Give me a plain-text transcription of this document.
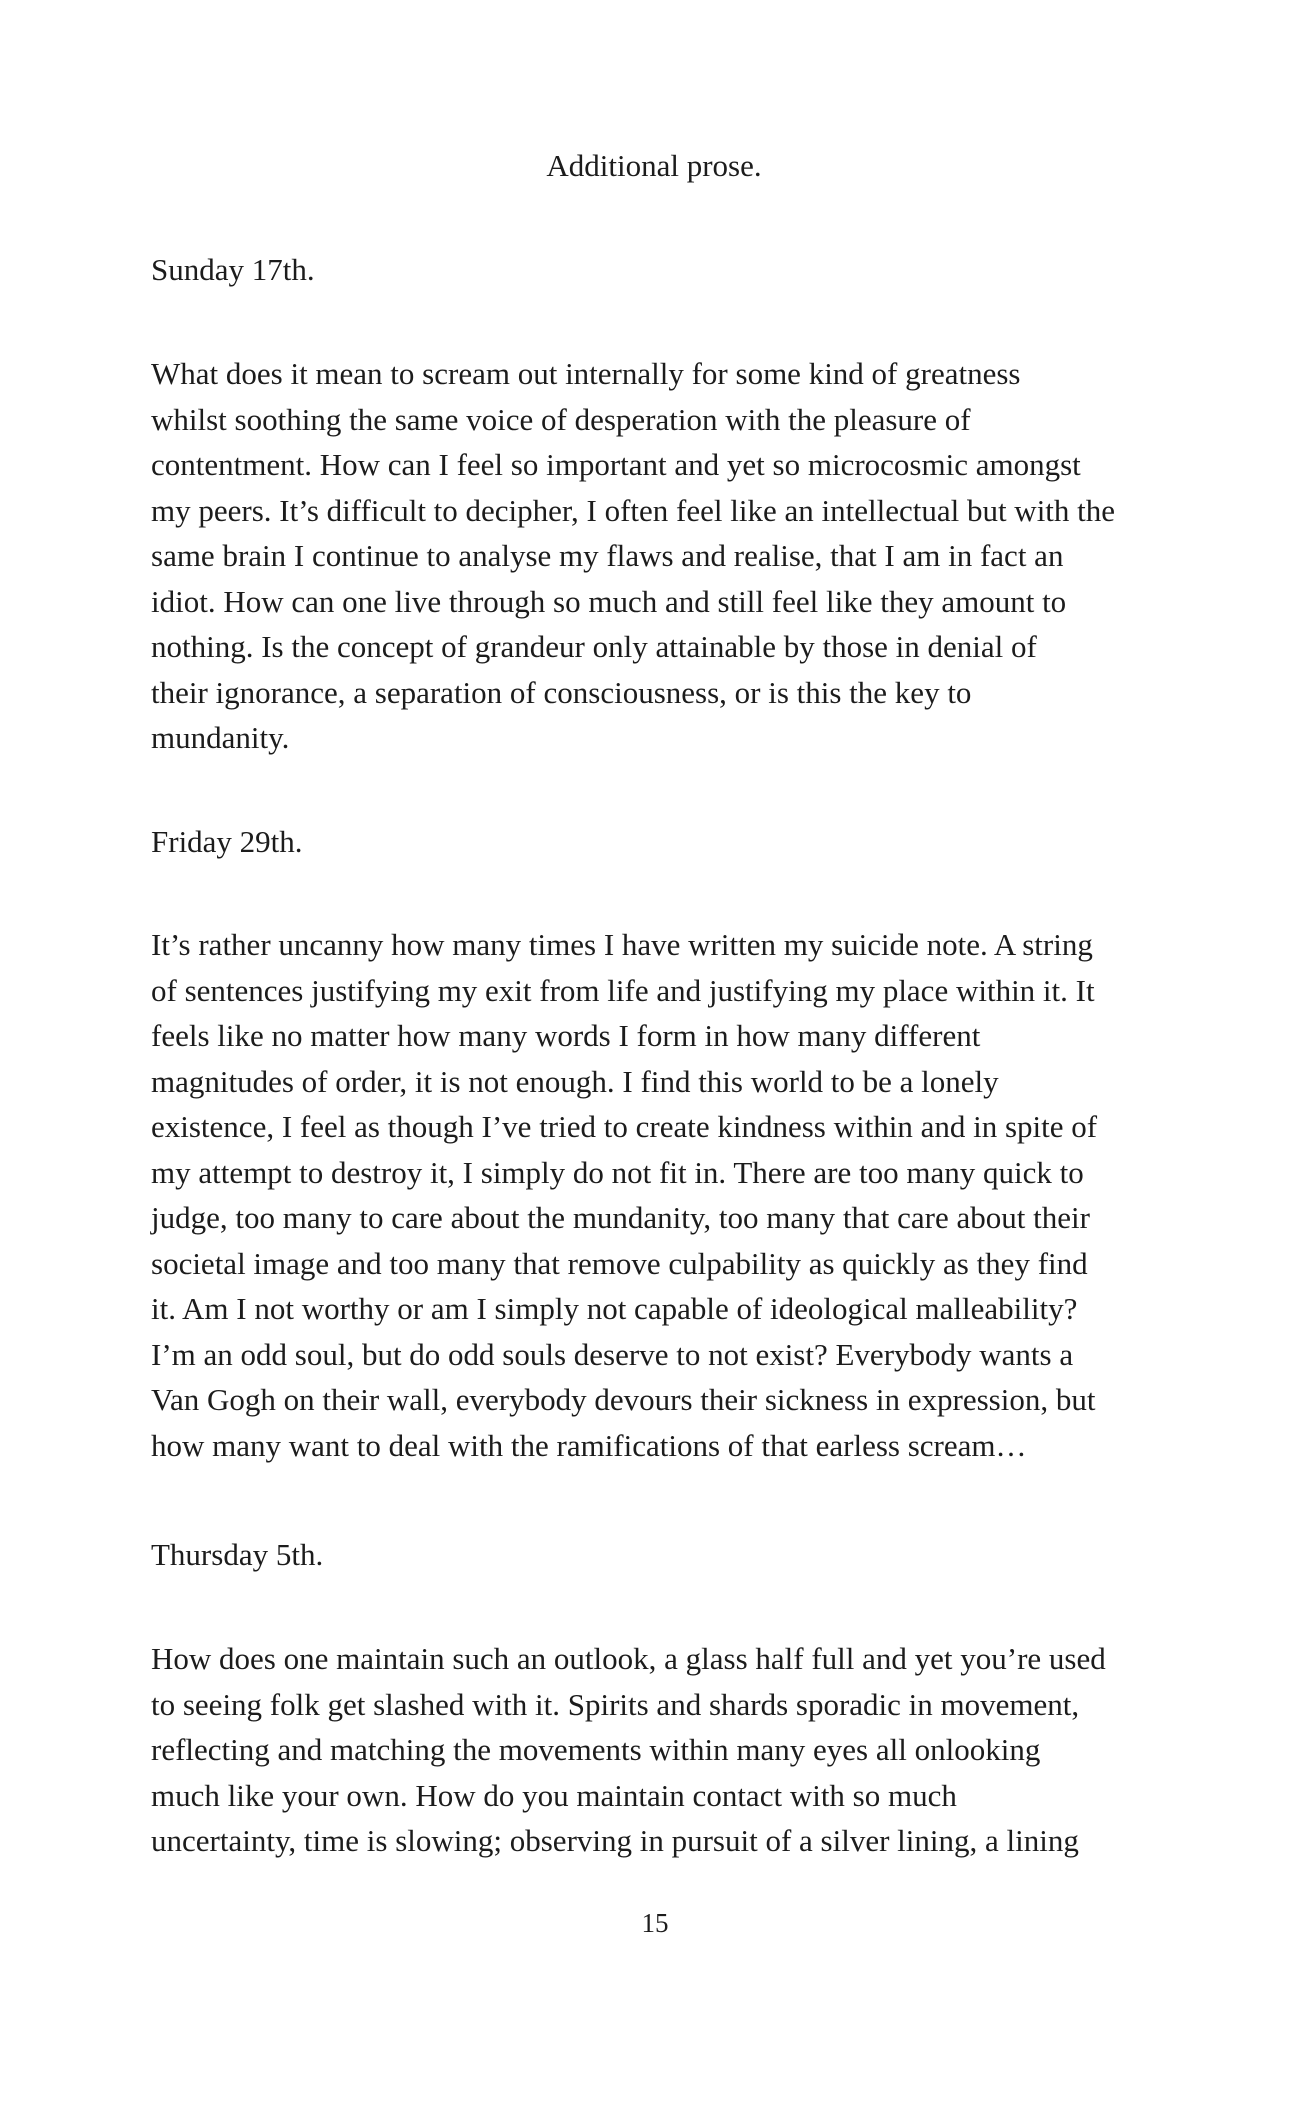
Additional prose.
Sunday 17th.
What does it mean to scream out internally for some kind of greatness
whilst soothing the same voice of desperation with the pleasure of
contentment. How can I feel so important and yet so microcosmic amongst
my peers. It’s difficult to decipher, I often feel like an intellectual but with the
same brain I continue to analyse my flaws and realise, that I am in fact an
idiot. How can one live through so much and still feel like they amount to
nothing. Is the concept of grandeur only attainable by those in denial of
their ignorance, a separation of consciousness, or is this the key to
mundanity.
Friday 29th.
It’s rather uncanny how many times I have written my suicide note. A string
of sentences justifying my exit from life and justifying my place within it. It
feels like no matter how many words I form in how many different
magnitudes of order, it is not enough. I find this world to be a lonely
existence, I feel as though I’ve tried to create kindness within and in spite of
my attempt to destroy it, I simply do not fit in. There are too many quick to
judge, too many to care about the mundanity, too many that care about their
societal image and too many that remove culpability as quickly as they find
it. Am I not worthy or am I simply not capable of ideological malleability?
I’m an odd soul, but do odd souls deserve to not exist? Everybody wants a
Van Gogh on their wall, everybody devours their sickness in expression, but
how many want to deal with the ramifications of that earless scream…
Thursday 5th.
How does one maintain such an outlook, a glass half full and yet you’re used
to seeing folk get slashed with it. Spirits and shards sporadic in movement,
reflecting and matching the movements within many eyes all onlooking
much like your own. How do you maintain contact with so much
uncertainty, time is slowing; observing in pursuit of a silver lining, a lining
15
